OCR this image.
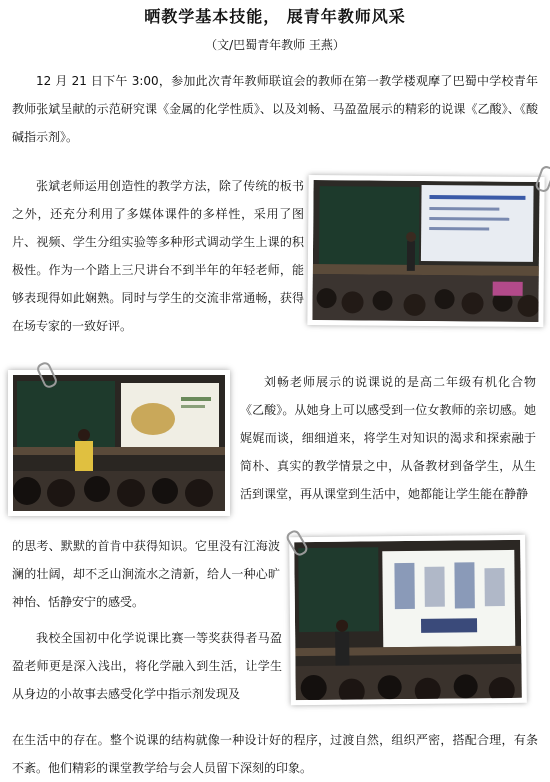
晒教学基本技能， 展青年教师风采
（文/巴蜀青年教师 王燕）

12 月 21 日下午 3:00，参加此次青年教师联谊会的教师在第一教学楼观摩了巴蜀中学校青年教师张斌呈献的示范研究课《金属的化学性质》、以及刘畅、马盈盈展示的精彩的说课《乙酸》、《酸碱指示剂》。

张斌老师运用创造性的教学方法，除了传统的板书之外，还充分利用了多媒体课件的多样性，采用了图片、视频、学生分组实验等多种形式调动学生上课的积极性。作为一个踏上三尺讲台不到半年的年轻老师，能够表现得如此娴熟。同时与学生的交流非常通畅，获得在场专家的一致好评。

刘畅老师展示的说课说的是高二年级有机化合物《乙酸》。从她身上可以感受到一位女教师的亲切感。她娓娓而谈，细细道来，将学生对知识的渴求和探索融于简朴、真实的教学情景之中，从备教材到备学生，从生活到课堂，再从课堂到生活中，她都能让学生能在静静

的思考、默默的首肯中获得知识。它里没有江海波澜的壮阔，却不乏山涧流水之清新，给人一种心旷神怡、恬静安宁的感受。

我校全国初中化学说课比赛一等奖获得者马盈盈老师更是深入浅出，将化学融入到生活，让学生从身边的小故事去感受化学中指示剂发现及

在生活中的存在。整个说课的结构就像一种设计好的程序，过渡自然，组织严密，搭配合理，有条不紊。他们精彩的课堂教学给与会人员留下深刻的印象。
